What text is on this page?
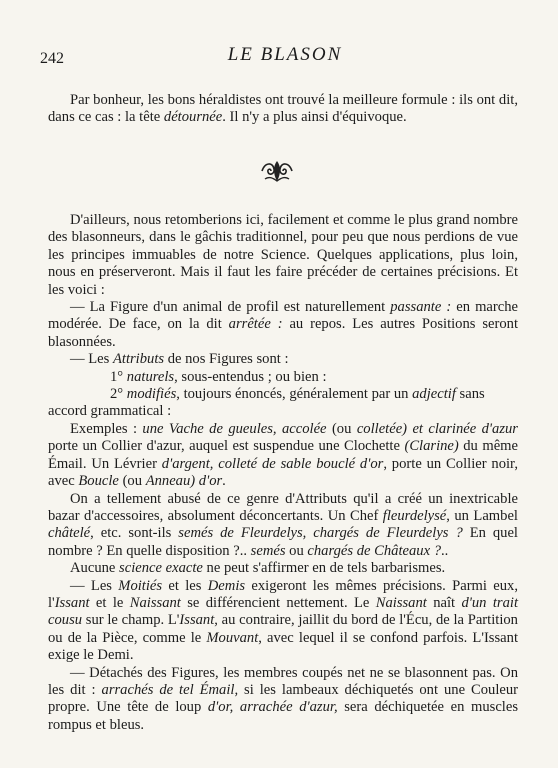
242	LE BLASON

Par bonheur, les bons héraldistes ont trouvé la meilleure formule : ils ont dit, dans ce cas : la tête détournée. Il n'y a plus ainsi d'équivoque.

D'ailleurs, nous retomberions ici, facilement et comme le plus grand nombre des blasonneurs, dans le gâchis traditionnel, pour peu que nous perdions de vue les principes immuables de notre Science. Quelques applications, plus loin, nous en préserveront. Mais il faut les faire précéder de certaines précisions. Et les voici :

— La Figure d'un animal de profil est naturellement passante : en marche modérée. De face, on la dit arrêtée : au repos. Les autres Positions seront blasonnées.

— Les Attributs de nos Figures sont :

1° naturels, sous-entendus ; ou bien :

2° modifiés, toujours énoncés, généralement par un adjectif sans

accord grammatical :

Exemples : une Vache de gueules, accolée (ou colletée) et clarinée d'azur porte un Collier d'azur, auquel est suspendue une Clochette (Clarine) du même Émail. Un Lévrier d'argent, colleté de sable bouclé d'or, porte un Collier noir, avec Boucle (ou Anneau) d'or.

On a tellement abusé de ce genre d'Attributs qu'il a créé un inextricable bazar d'accessoires, absolument déconcertants. Un Chef fleurdelysé, un Lambel châtelé, etc. sont-ils semés de Fleurdelys, chargés de Fleurdelys ? En quel nombre ? En quelle disposition ?.. semés ou chargés de Châteaux ?..

Aucune science exacte ne peut s'affirmer en de tels barbarismes.

— Les Moitiés et les Demis exigeront les mêmes précisions. Parmi eux, l'Issant et le Naissant se différencient nettement. Le Naissant naît d'un trait cousu sur le champ. L'Issant, au contraire, jaillit du bord de l'Écu, de la Partition ou de la Pièce, comme le Mouvant, avec lequel il se confond parfois. L'Issant exige le Demi.

— Détachés des Figures, les membres coupés net ne se blasonnent pas. On les dit : arrachés de tel Émail, si les lambeaux déchiquetés ont une Couleur propre. Une tête de loup d'or, arrachée d'azur, sera déchiquetée en muscles rompus et bleus.
